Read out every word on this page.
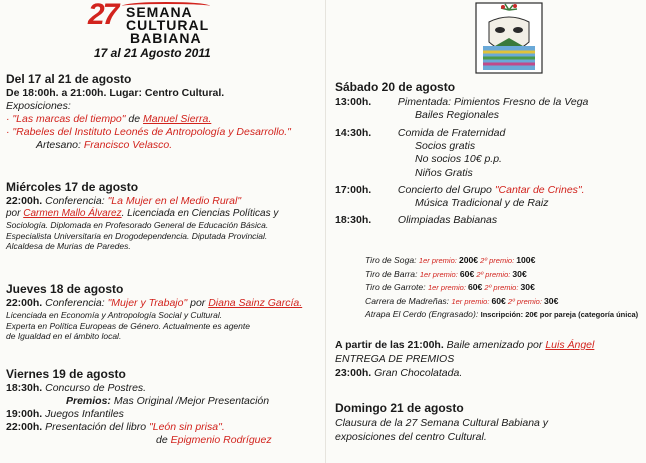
27 SEMANA
CULTURAL
BABIANA
17 al 21 Agosto 2011
Del 17 al 21 de agosto
De 18:00h. a 21:00h. Lugar: Centro Cultural.
Exposiciones:
· "Las marcas del tiempo" de Manuel Sierra.
· "Rabeles del Instituto Leonés de Antropología y Desarrollo."
Artesano: Francisco Velasco.
Miércoles 17 de agosto
22:00h. Conferencia: "La Mujer en el Medio Rural"
por Carmen Mallo Álvarez. Licenciada en Ciencias Políticas y
Sociología. Diplomada en Profesorado General de Educación Básica.
Especialista Universitaria en Drogodependencia. Diputada Provincial.
Alcaldesa de Murias de Paredes.
Jueves 18 de agosto
22:00h. Conferencia: "Mujer y Trabajo" por Diana Sainz García.
Licenciada en Economía y Antropología Social y Cultural.
Experta en Política Europeas de Género. Actualmente es agente
de Igualdad en el ámbito local.
Viernes 19 de agosto
18:30h. Concurso de Postres.
Premios: Mas Original /Mejor Presentación
19:00h. Juegos Infantiles
22:00h. Presentación del libro "León sin prisa".
de Epigmenio Rodríguez
Sábado 20 de agosto
13:00h. Pimentada: Pimientos Fresno de la Vega
Bailes Regionales
14:30h. Comida de Fraternidad
Socios gratis
No socios 10€ p.p.
Niños Gratis
17:00h. Concierto del Grupo "Cantar de Crines".
Música Tradicional y de Raiz
18:30h. Olimpiadas Babianas
Tiro de Soga: 1er premio: 200€ 2º premio: 100€
Tiro de Barra: 1er premio: 60€ 2º premio: 30€
Tiro de Garrote: 1er premio: 60€ 2º premio: 30€
Carrera de Madreñas: 1er premio: 60€ 2º premio: 30€
Atrapa El Cerdo (Engrasado): Inscripción: 20€ por pareja (categoría única)
A partir de las 21:00h. Baile amenizado por Luis Ángel
ENTREGA DE PREMIOS
23:00h. Gran Chocolatada.
Domingo 21 de agosto
Clausura de la 27 Semana Cultural Babiana y
exposiciones del centro Cultural.
